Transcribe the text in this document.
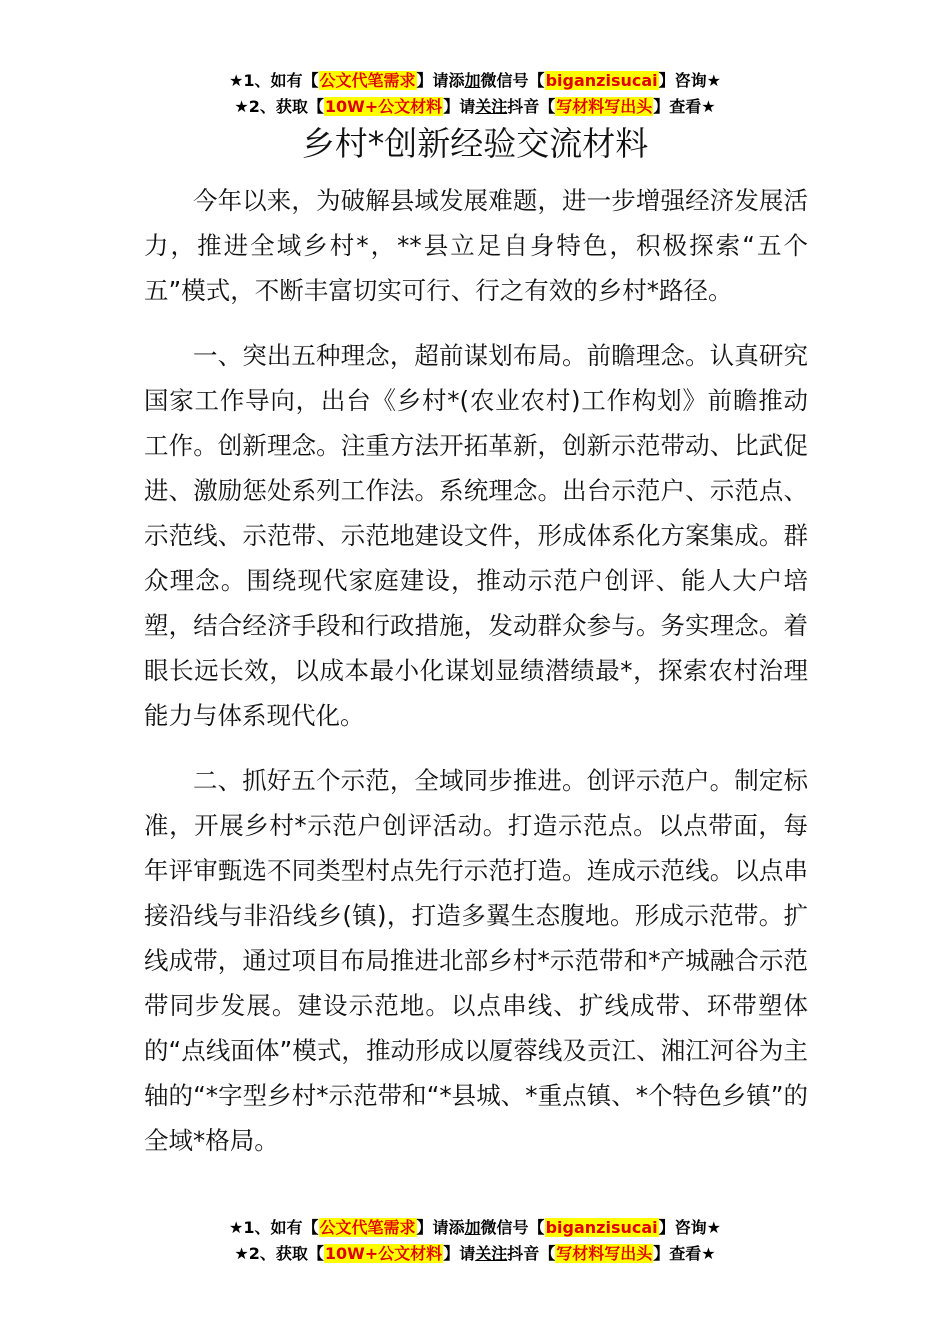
★1、如有【公文代笔需求】请添加微信号【biganzisucai】咨询★
★2、获取【10W+公文材料】请关注抖音【写材料写出头】查看★
乡村*创新经验交流材料

今年以来，为破解县域发展难题，进一步增强经济发展活力，推进全域乡村*，**县立足自身特色，积极探索“五个五”模式，不断丰富切实可行、行之有效的乡村*路径。

一、突出五种理念，超前谋划布局。前瞻理念。认真研究国家工作导向，出台《乡村*(农业农村)工作构划》前瞻推动工作。创新理念。注重方法开拓革新，创新示范带动、比武促进、激励惩处系列工作法。系统理念。出台示范户、示范点、示范线、示范带、示范地建设文件，形成体系化方案集成。群众理念。围绕现代家庭建设，推动示范户创评、能人大户培塑，结合经济手段和行政措施，发动群众参与。务实理念。着眼长远长效，以成本最小化谋划显绩潜绩最*，探索农村治理能力与体系现代化。

二、抓好五个示范，全域同步推进。创评示范户。制定标准，开展乡村*示范户创评活动。打造示范点。以点带面，每年评审甄选不同类型村点先行示范打造。连成示范线。以点串接沿线与非沿线乡(镇)，打造多翼生态腹地。形成示范带。扩线成带，通过项目布局推进北部乡村*示范带和*产城融合示范带同步发展。建设示范地。以点串线、扩线成带、环带塑体的“点线面体”模式，推动形成以厦蓉线及贡江、湘江河谷为主轴的“*字型乡村*示范带和“*县城、*重点镇、*个特色乡镇”的全域*格局。

★1、如有【公文代笔需求】请添加微信号【biganzisucai】咨询★
★2、获取【10W+公文材料】请关注抖音【写材料写出头】查看★
